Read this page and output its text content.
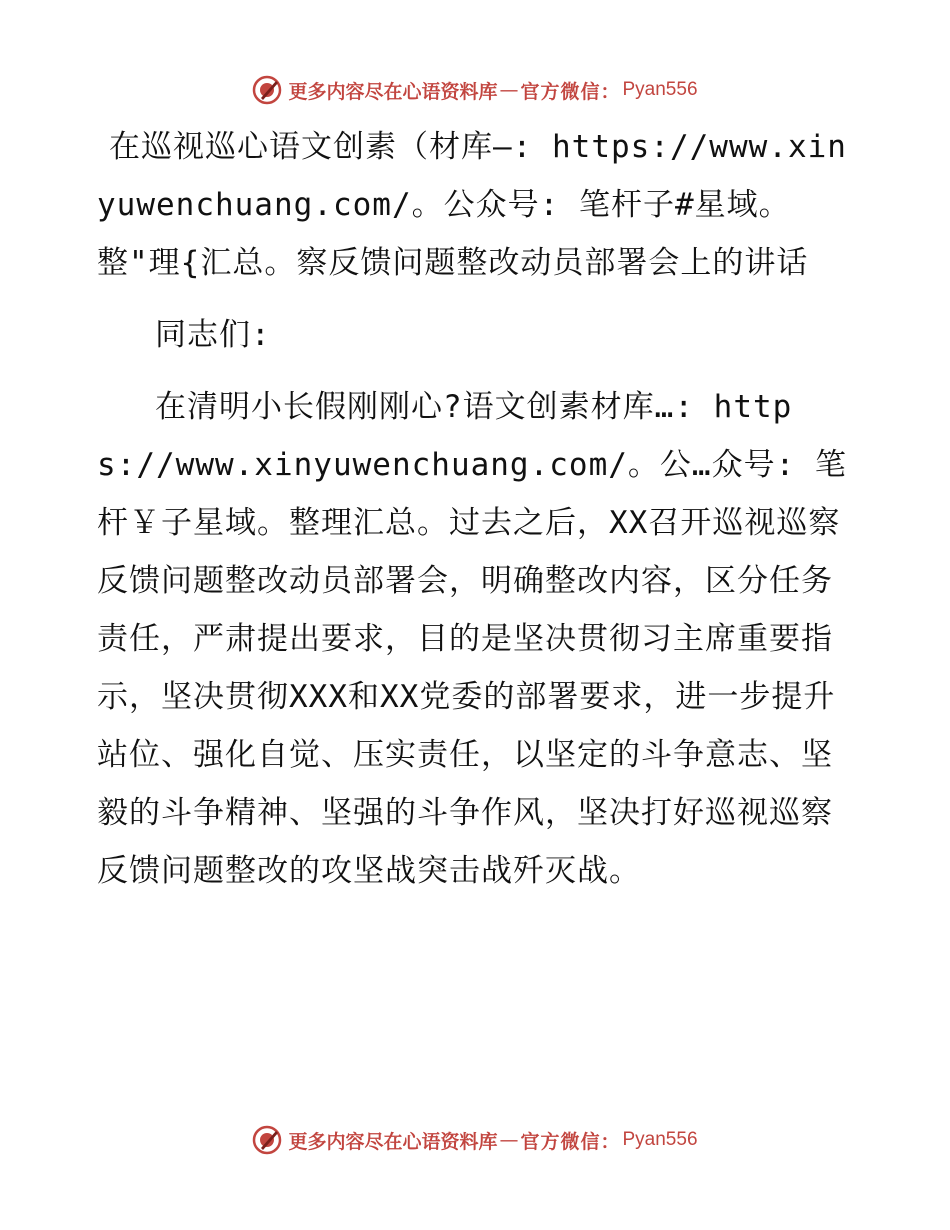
更多内容尽在心语资料库 — 官方微信： Pyan556

在巡视巡心语文创素（材库—: https://www.xinyuwenchuang.com/。公众号: 笔杆子#星域。整"理{汇总。察反馈问题整改动员部署会上的讲话

同志们:

在清明小长假刚刚心?语文创素材库…: https://www.xinyuwenchuang.com/。公…众号: 笔杆￥子星域。整理汇总。过去之后，XX召开巡视巡察反馈问题整改动员部署会，明确整改内容，区分任务责任，严肃提出要求，目的是坚决贯彻习主席重要指示，坚决贯彻XXX和XX党委的部署要求，进一步提升站位、强化自觉、压实责任，以坚定的斗争意志、坚毅的斗争精神、坚强的斗争作风，坚决打好巡视巡察反馈问题整改的攻坚战突击战歼灭战。

更多内容尽在心语资料库 — 官方微信： Pyan556
